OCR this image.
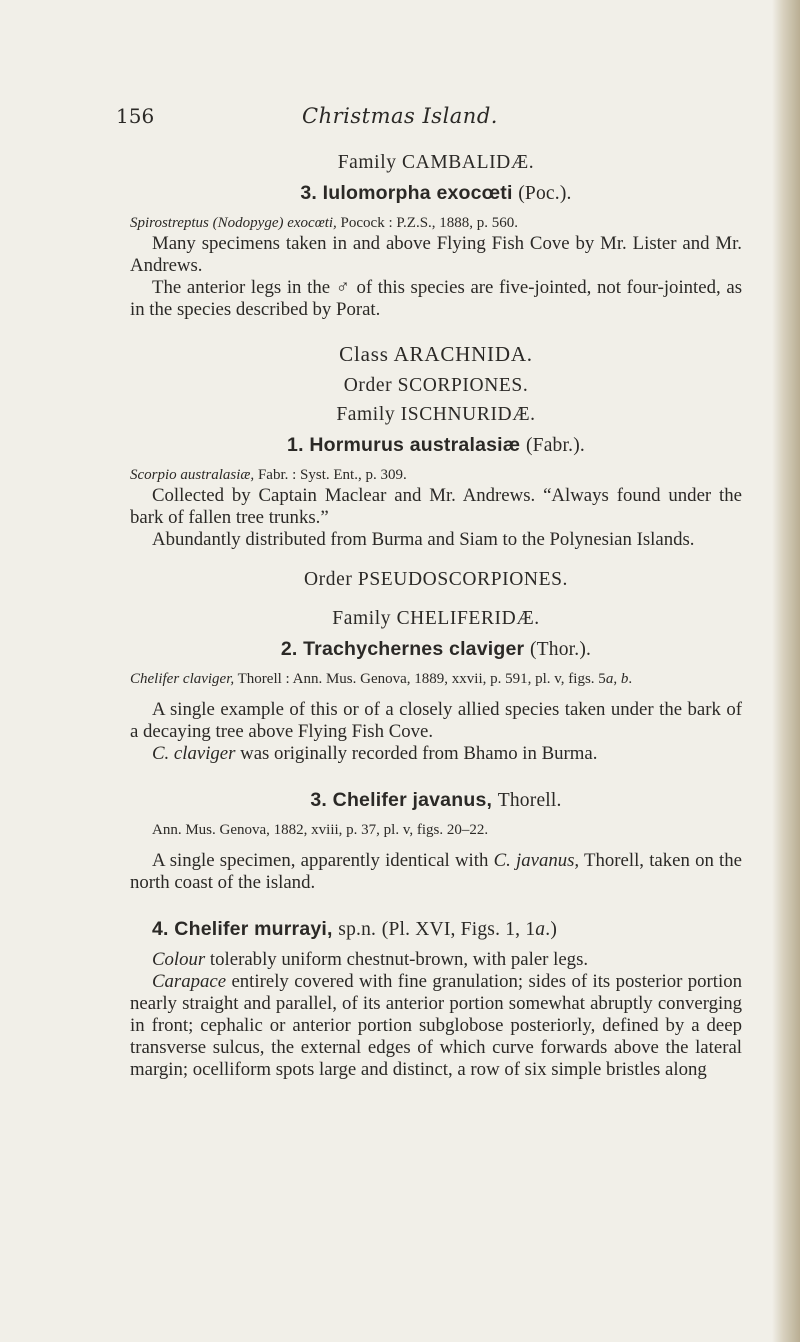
156	Christmas Island.

Family CAMBALIDÆ.

3. Iulomorpha exocœti (Poc.).

Spirostreptus (Nodopyge) exocœti, Pocock : P.Z.S., 1888, p. 560.

Many specimens taken in and above Flying Fish Cove by Mr. Lister and Mr. Andrews.

The anterior legs in the ♂ of this species are five-jointed, not four-jointed, as in the species described by Porat.

Class ARACHNIDA.

Order SCORPIONES.

Family ISCHNURIDÆ.

1. Hormurus australasiæ (Fabr.).

Scorpio australasiæ, Fabr. : Syst. Ent., p. 309.

Collected by Captain Maclear and Mr. Andrews. “Always found under the bark of fallen tree trunks.”

Abundantly distributed from Burma and Siam to the Polynesian Islands.

Order PSEUDOSCORPIONES.

Family CHELIFERIDÆ.

2. Trachychernes claviger (Thor.).

Chelifer claviger, Thorell : Ann. Mus. Genova, 1889, xxvii, p. 591, pl. v, figs. 5a, b.

A single example of this or of a closely allied species taken under the bark of a decaying tree above Flying Fish Cove.

C. claviger was originally recorded from Bhamo in Burma.

3. Chelifer javanus, Thorell.

Ann. Mus. Genova, 1882, xviii, p. 37, pl. v, figs. 20–22.

A single specimen, apparently identical with C. javanus, Thorell, taken on the north coast of the island.

4. Chelifer murrayi, sp.n. (Pl. XVI, Figs. 1, 1a.)

Colour tolerably uniform chestnut-brown, with paler legs.

Carapace entirely covered with fine granulation; sides of its posterior portion nearly straight and parallel, of its anterior portion somewhat abruptly converging in front; cephalic or anterior portion subglobose posteriorly, defined by a deep transverse sulcus, the external edges of which curve forwards above the lateral margin; ocelliform spots large and distinct, a row of six simple bristles along
